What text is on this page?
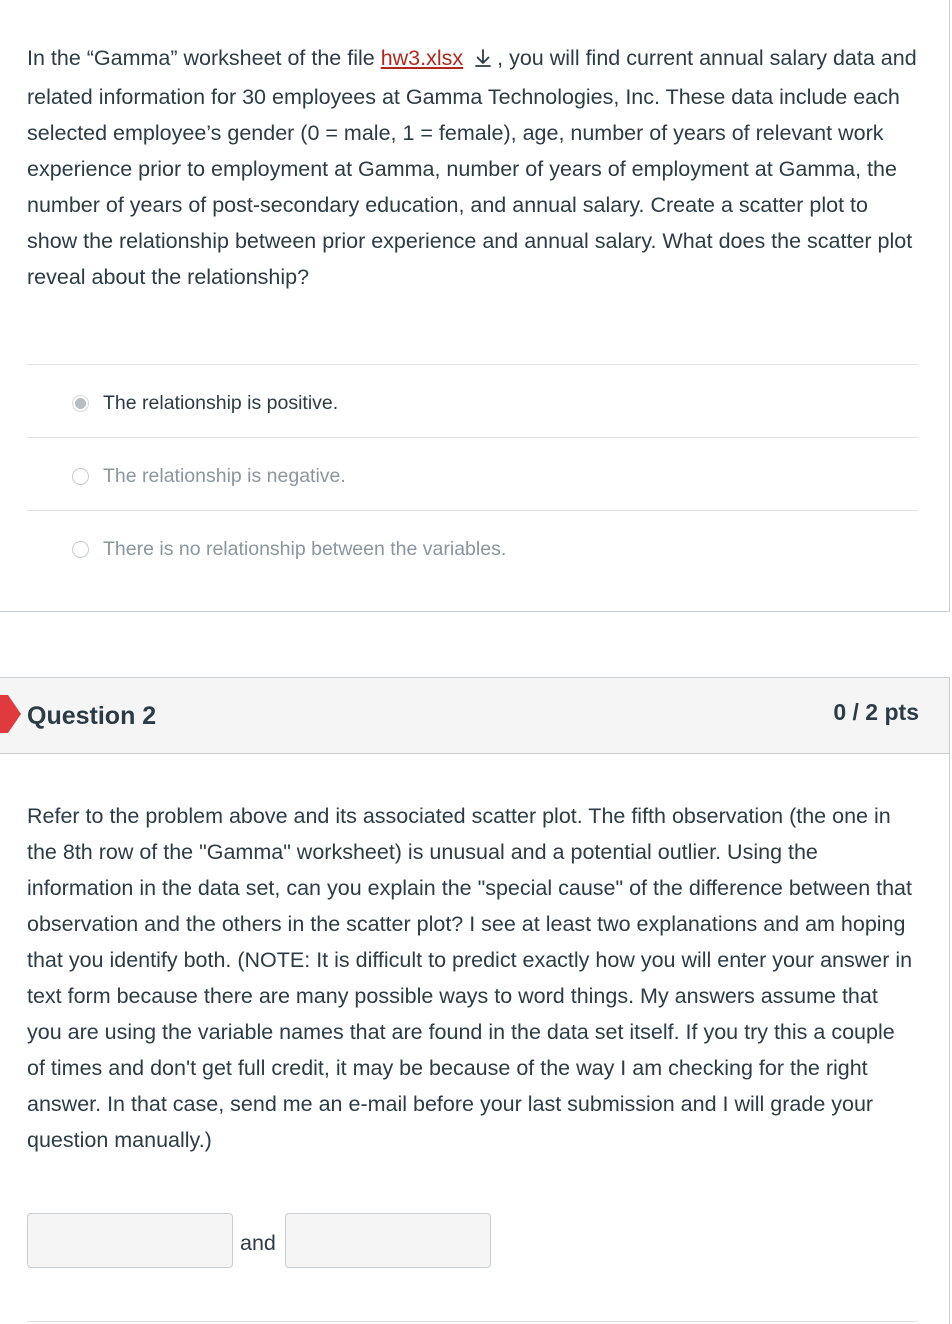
In the “Gamma” worksheet of the file hw3.xlsx , you will find current annual salary data and related information for 30 employees at Gamma Technologies, Inc. These data include each selected employee’s gender (0 = male, 1 = female), age, number of years of relevant work experience prior to employment at Gamma, number of years of employment at Gamma, the number of years of post-secondary education, and annual salary. Create a scatter plot to show the relationship between prior experience and annual salary. What does the scatter plot reveal about the relationship?

The relationship is positive.
The relationship is negative.
There is no relationship between the variables.
Question 2	0 / 2 pts

Refer to the problem above and its associated scatter plot. The fifth observation (the one in the 8th row of the "Gamma" worksheet) is unusual and a potential outlier. Using the information in the data set, can you explain the "special cause" of the difference between that observation and the others in the scatter plot? I see at least two explanations and am hoping that you identify both. (NOTE: It is difficult to predict exactly how you will enter your answer in text form because there are many possible ways to word things. My answers assume that you are using the variable names that are found in the data set itself. If you try this a couple of times and don't get full credit, it may be because of the way I am checking for the right answer. In that case, send me an e-mail before your last submission and I will grade your question manually.)

and
